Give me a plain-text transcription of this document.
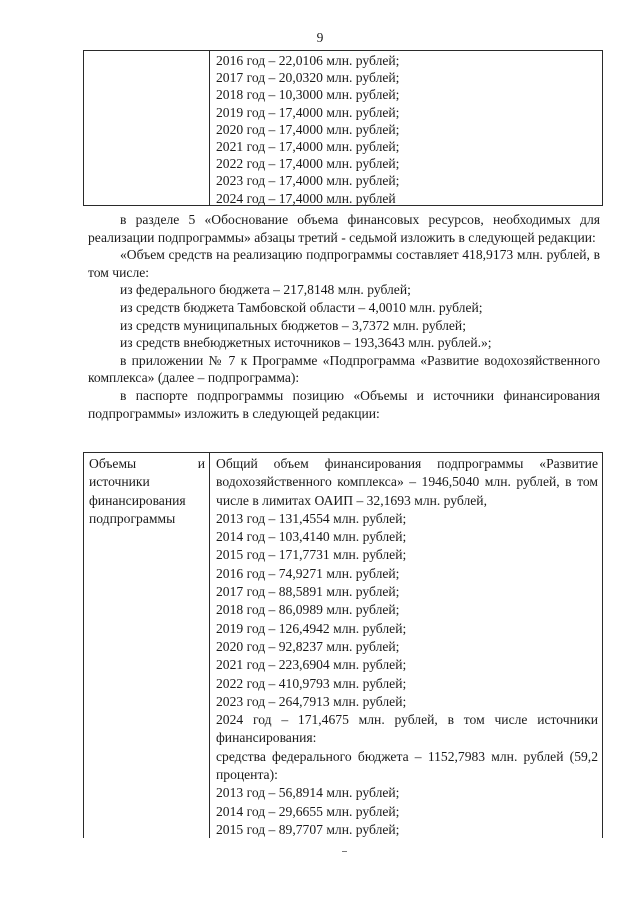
9
2016 год – 22,0106 млн. рублей;
2017 год – 20,0320 млн. рублей;
2018 год – 10,3000 млн. рублей;
2019 год – 17,4000 млн. рублей;
2020 год – 17,4000 млн. рублей;
2021 год – 17,4000 млн. рублей;
2022 год – 17,4000 млн. рублей;
2023 год – 17,4000 млн. рублей;
2024 год – 17,4000 млн. рублей
в разделе 5 «Обоснование объема финансовых ресурсов, необходимых для реализации подпрограммы» абзацы третий - седьмой изложить в следующей редакции:
«Объем средств на реализацию подпрограммы составляет 418,9173 млн. рублей, в том числе:
из федерального бюджета – 217,8148 млн. рублей;
из средств бюджета Тамбовской области – 4,0010 млн. рублей;
из средств муниципальных бюджетов – 3,7372 млн. рублей;
из средств внебюджетных источников – 193,3643 млн. рублей.»;
в приложении № 7 к Программе «Подпрограмма «Развитие водохозяйственного комплекса» (далее – подпрограмма):
в паспорте подпрограммы позицию «Объемы и источники финансирования подпрограммы» изложить в следующей редакции:
Объемы и источники финансирования подпрограммы
Общий объем финансирования подпрограммы «Развитие водохозяйственного комплекса» – 1946,5040 млн. рублей, в том числе в лимитах ОАИП – 32,1693 млн. рублей,
2013 год – 131,4554 млн. рублей;
2014 год – 103,4140 млн. рублей;
2015 год – 171,7731 млн. рублей;
2016 год – 74,9271 млн. рублей;
2017 год – 88,5891 млн. рублей;
2018 год – 86,0989 млн. рублей;
2019 год – 126,4942 млн. рублей;
2020 год – 92,8237 млн. рублей;
2021 год – 223,6904 млн. рублей;
2022 год – 410,9793 млн. рублей;
2023 год – 264,7913 млн. рублей;
2024 год – 171,4675 млн. рублей, в том числе источники финансирования:
средства федерального бюджета – 1152,7983 млн. рублей (59,2 процента):
2013 год – 56,8914 млн. рублей;
2014 год – 29,6655 млн. рублей;
2015 год – 89,7707 млн. рублей;
